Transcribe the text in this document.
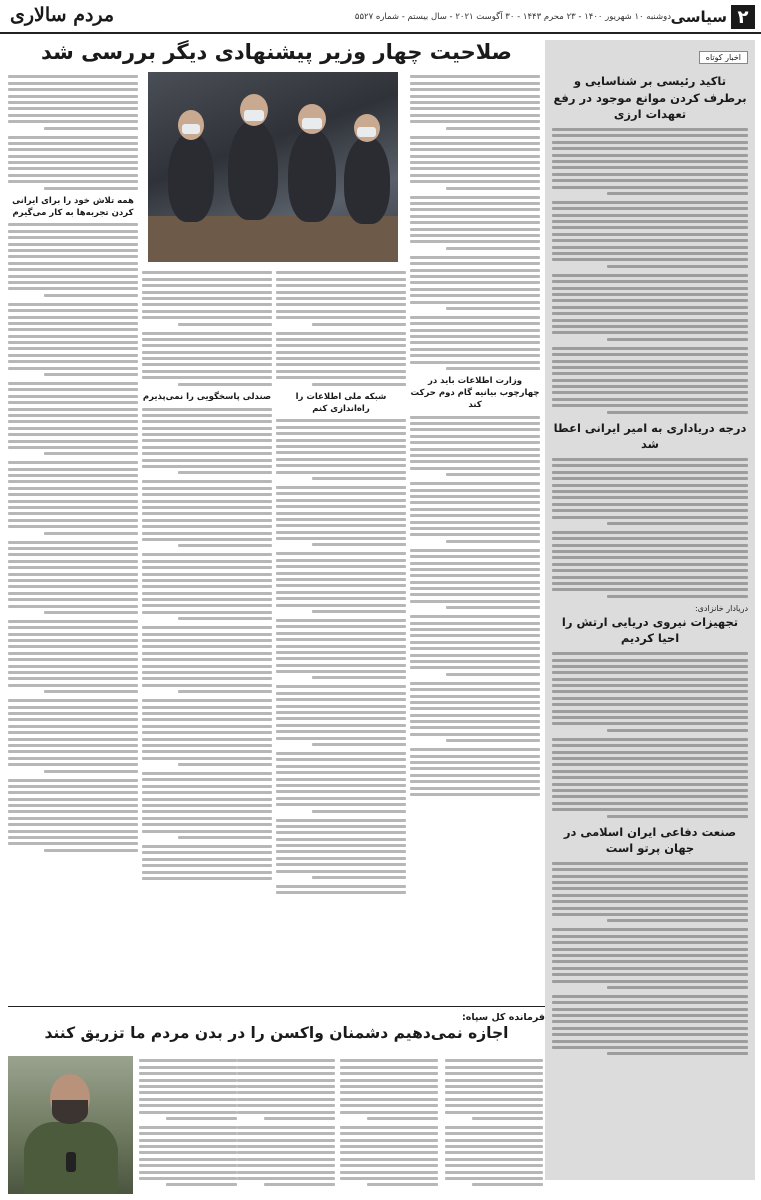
۲
سیاسی
دوشنبه ۱۰ شهریور ۱۴۰۰ - ۲۳ محرم ۱۴۴۳ - ۳۰ آگوست ۲۰۲۱ - سال بیستم - شماره ۵۵۲۷
مردم سالاری
اخبار کوتاه
تاکید رئیسی بر شناسایی و برطرف کردن موانع موجود در رفع تعهدات ارزی
درجه دریاداری به امیر ایرانی اعطا شد
دریادار خانزادی:
تجهیزات نیروی دریایی ارتش را احیا کردیم
صنعت دفاعی ایران اسلامی در جهان پرتو است
صلاحیت چهار وزیر پیشنهادی دیگر بررسی شد
وزارت اطلاعات باید در چهارچوب بیانیه گام دوم حرکت کند
شبکه ملی اطلاعات را راه‌اندازی کنم
صندلی پاسخگویی را نمی‌پذیرم
همه تلاش خود را برای ایرانی کردن تجربه‌ها به کار می‌گیرم
فرمانده کل سپاه:
اجازه نمی‌دهیم دشمنان واکسن را در بدن مردم ما تزریق کنند
